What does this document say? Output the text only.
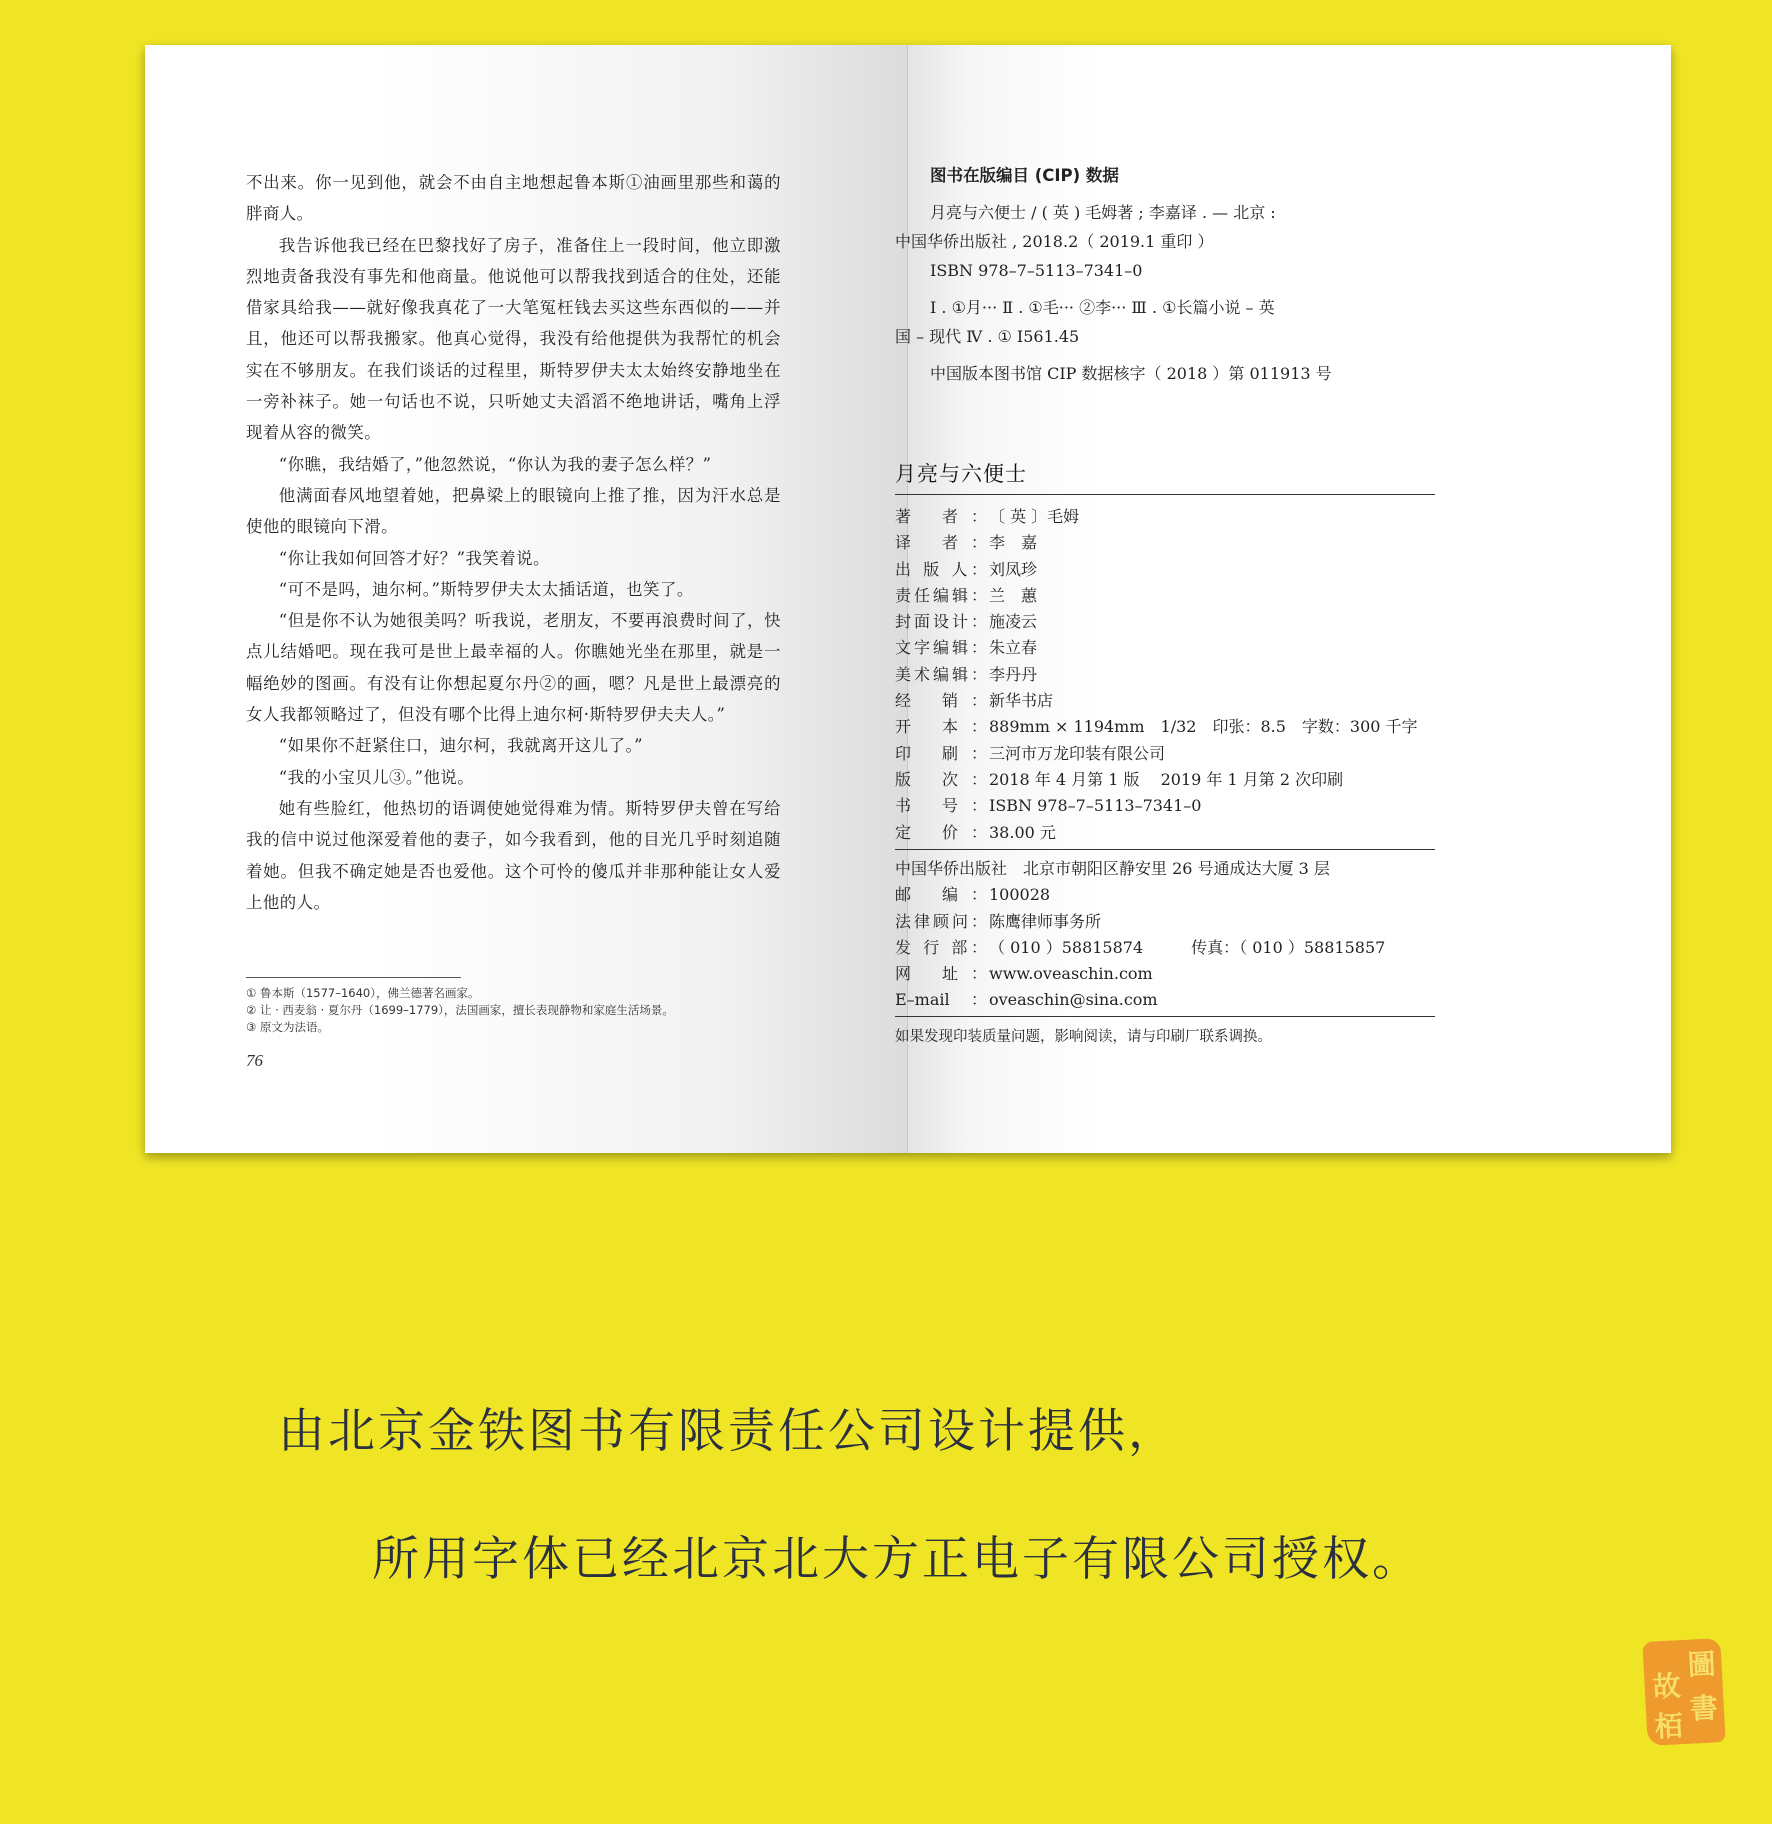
不出来。你一见到他，就会不由自主地想起鲁本斯①油画里那些和蔼的胖商人。

我告诉他我已经在巴黎找好了房子，准备住上一段时间，他立即激烈地责备我没有事先和他商量。他说他可以帮我找到适合的住处，还能借家具给我——就好像我真花了一大笔冤枉钱去买这些东西似的——并且，他还可以帮我搬家。他真心觉得，我没有给他提供为我帮忙的机会实在不够朋友。在我们谈话的过程里，斯特罗伊夫太太始终安静地坐在一旁补袜子。她一句话也不说，只听她丈夫滔滔不绝地讲话，嘴角上浮现着从容的微笑。

“你瞧，我结婚了，”他忽然说，“你认为我的妻子怎么样？”

他满面春风地望着她，把鼻梁上的眼镜向上推了推，因为汗水总是使他的眼镜向下滑。

“你让我如何回答才好？”我笑着说。

“可不是吗，迪尔柯。”斯特罗伊夫太太插话道，也笑了。

“但是你不认为她很美吗？听我说，老朋友，不要再浪费时间了，快点儿结婚吧。现在我可是世上最幸福的人。你瞧她光坐在那里，就是一幅绝妙的图画。有没有让你想起夏尔丹②的画，嗯？凡是世上最漂亮的女人我都领略过了，但没有哪个比得上迪尔柯·斯特罗伊夫夫人。”

“如果你不赶紧住口，迪尔柯，我就离开这儿了。”

“我的小宝贝儿③。”他说。

她有些脸红，他热切的语调使她觉得难为情。斯特罗伊夫曾在写给我的信中说过他深爱着他的妻子，如今我看到，他的目光几乎时刻追随着她。但我不确定她是否也爱他。这个可怜的傻瓜并非那种能让女人爱上他的人。

① 鲁本斯（1577–1640），佛兰德著名画家。
② 让 · 西麦翁 · 夏尔丹（1699–1779），法国画家，擅长表现静物和家庭生活场景。
③ 原文为法语。
76
图书在版编目 (CIP) 数据
月亮与六便士 / ( 英 ) 毛姆著 ; 李嘉译 . — 北京 :
中国华侨出版社 , 2018.2（ 2019.1 重印 ）
ISBN 978–7–5113–7341–0
Ⅰ . ①月··· Ⅱ . ①毛··· ②李··· Ⅲ . ①长篇小说 – 英
国 – 现代 Ⅳ . ① I561.45
中国版本图书馆 CIP 数据核字（ 2018 ）第 011913 号
月亮与六便士
著 者： 〔 英 〕毛姆
译 者： 李　嘉
出 版 人： 刘凤珍
责任编辑： 兰　蕙
封面设计： 施凌云
文字编辑： 朱立春
美术编辑： 李丹丹
经 销： 新华书店
开 本： 889mm × 1194mm　1/32　印张：8.5　字数：300 千字
印 刷： 三河市万龙印装有限公司
版 次： 2018 年 4 月第 1 版　 2019 年 1 月第 2 次印刷
书 号： ISBN 978–7–5113–7341–0
定 价： 38.00 元
中国华侨出版社　北京市朝阳区静安里 26 号通成达大厦 3 层
邮 编： 100028
法律顾问： 陈鹰律师事务所
发 行 部： （ 010 ）58815874　　　传真：（ 010 ）58815857
网 址： www.oveaschin.com
E–mail： oveaschin@sina.com
如果发现印装质量问题，影响阅读，请与印刷厂联系调换。
由北京金铁图书有限责任公司设计提供，
所用字体已经北京北大方正电子有限公司授权。
圖
書
故
栢
